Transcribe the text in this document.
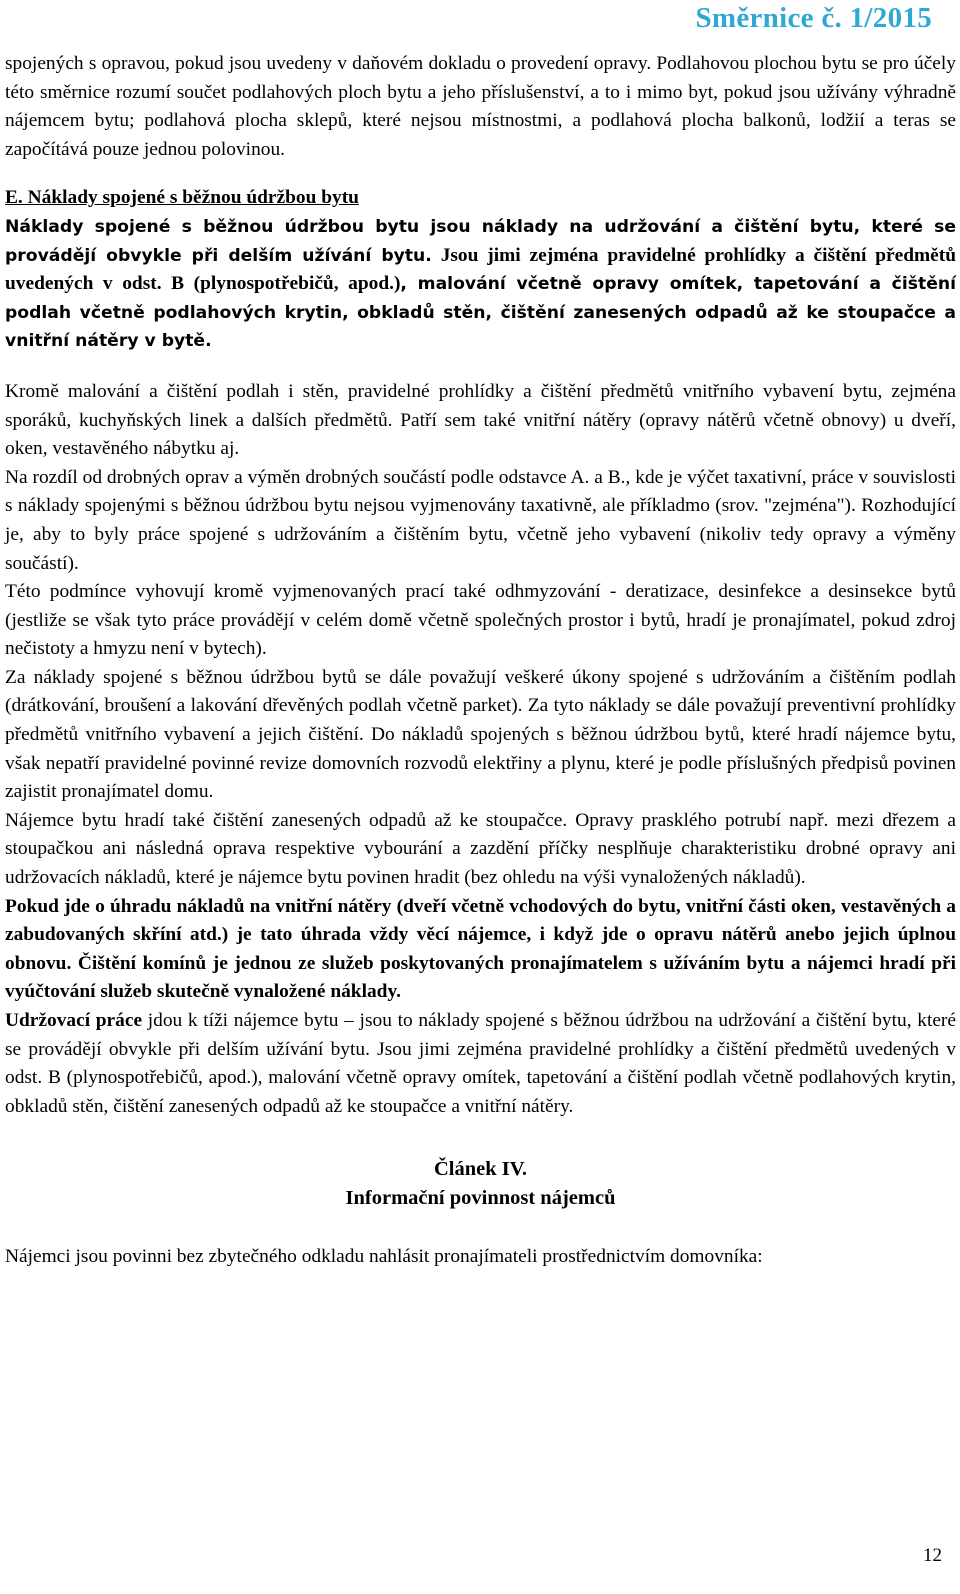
Směrnice č. 1/2015

spojených s opravou, pokud jsou uvedeny v daňovém dokladu o provedení opravy. Podlahovou plochou bytu se pro účely této směrnice rozumí součet podlahových ploch bytu a jeho příslušenství, a to i mimo byt, pokud jsou užívány výhradně nájemcem bytu; podlahová plocha sklepů, které nejsou místnostmi, a podlahová plocha balkonů, lodžií a teras se započítává pouze jednou polovinou.

E. Náklady spojené s běžnou údržbou bytu

Náklady spojené s běžnou údržbou bytu jsou náklady na udržování a čištění bytu, které se provádějí obvykle při delším užívání bytu. Jsou jimi zejména pravidelné prohlídky a čištění předmětů uvedených v odst. B (plynospotřebičů, apod.), malování včetně opravy omítek, tapetování a čištění podlah včetně podlahových krytin, obkladů stěn, čištění zanesených odpadů až ke stoupačce a vnitřní nátěry v bytě.

Kromě malování a čištění podlah i stěn, pravidelné prohlídky a čištění předmětů vnitřního vybavení bytu, zejména sporáků, kuchyňských linek a dalších předmětů. Patří sem také vnitřní nátěry (opravy nátěrů včetně obnovy) u dveří, oken, vestavěného nábytku aj.

Na rozdíl od drobných oprav a výměn drobných součástí podle odstavce A. a B., kde je výčet taxativní, práce v souvislosti s náklady spojenými s běžnou údržbou bytu nejsou vyjmenovány taxativně, ale příkladmo (srov. "zejména"). Rozhodující je, aby to byly práce spojené s udržováním a čištěním bytu, včetně jeho vybavení (nikoliv tedy opravy a výměny součástí).

Této podmínce vyhovují kromě vyjmenovaných prací také odhmyzování - deratizace, desinfekce a desinsekce bytů (jestliže se však tyto práce provádějí v celém domě včetně společných prostor i bytů, hradí je pronajímatel, pokud zdroj nečistoty a hmyzu není v bytech).

Za náklady spojené s běžnou údržbou bytů se dále považují veškeré úkony spojené s udržováním a čištěním podlah (drátkování, broušení a lakování dřevěných podlah včetně parket). Za tyto náklady se dále považují preventivní prohlídky předmětů vnitřního vybavení a jejich čištění. Do nákladů spojených s běžnou údržbou bytů, které hradí nájemce bytu, však nepatří pravidelné povinné revize domovních rozvodů elektřiny a plynu, které je podle příslušných předpisů povinen zajistit pronajímatel domu.

Nájemce bytu hradí také čištění zanesených odpadů až ke stoupačce. Opravy prasklého potrubí např. mezi dřezem a stoupačkou ani následná oprava respektive vybourání a zazdění příčky nesplňuje charakteristiku drobné opravy ani udržovacích nákladů, které je nájemce bytu povinen hradit (bez ohledu na výši vynaložených nákladů).

Pokud jde o úhradu nákladů na vnitřní nátěry (dveří včetně vchodových do bytu, vnitřní části oken, vestavěných a zabudovaných skříní atd.) je tato úhrada vždy věcí nájemce, i když jde o opravu nátěrů anebo jejich úplnou obnovu. Čištění komínů je jednou ze služeb poskytovaných pronajímatelem s užíváním bytu a nájemci hradí při vyúčtování služeb skutečně vynaložené náklady.

Udržovací práce jdou k tíži nájemce bytu – jsou to náklady spojené s běžnou údržbou na udržování a čištění bytu, které se provádějí obvykle při delším užívání bytu. Jsou jimi zejména pravidelné prohlídky a čištění předmětů uvedených v odst. B (plynospotřebičů, apod.), malování včetně opravy omítek, tapetování a čištění podlah včetně podlahových krytin, obkladů stěn, čištění zanesených odpadů až ke stoupačce a vnitřní nátěry.

Článek IV.
Informační povinnost nájemců

Nájemci jsou povinni bez zbytečného odkladu nahlásit pronajímateli prostřednictvím domovníka:

12
